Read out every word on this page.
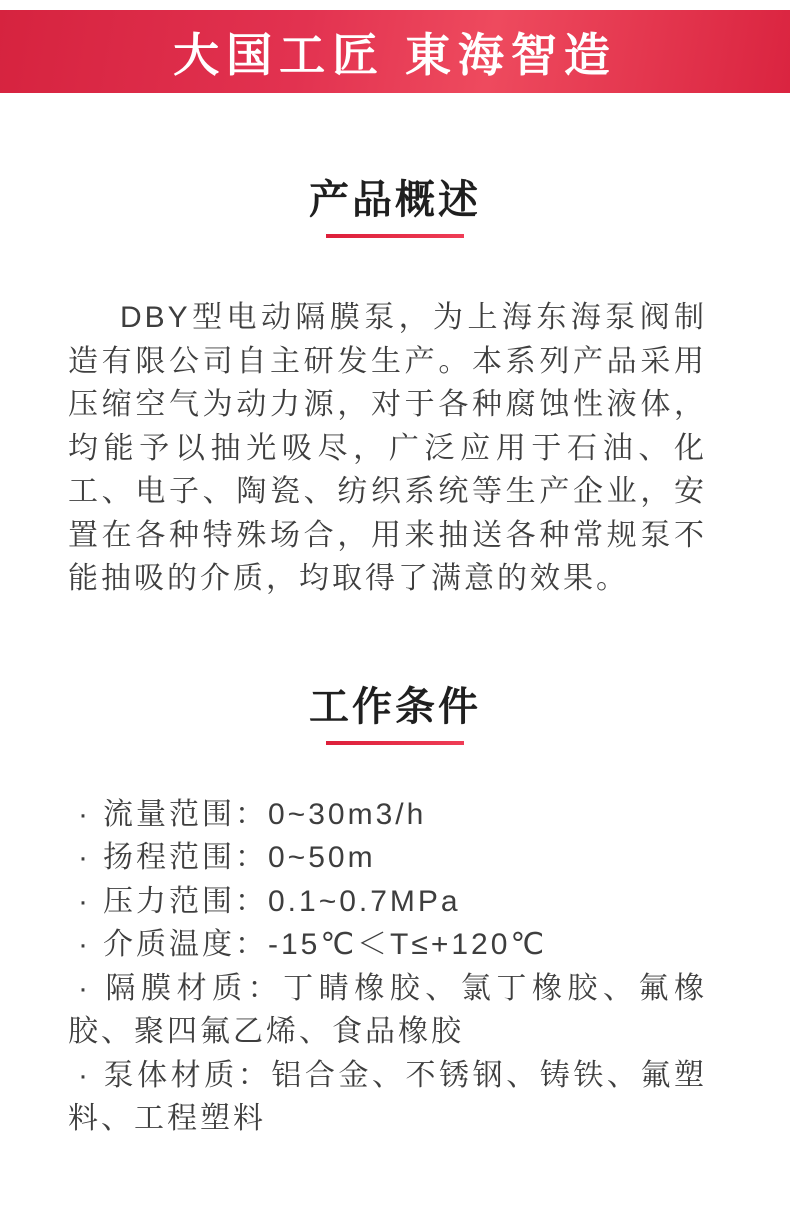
大国工匠 東海智造
产品概述

DBY型电动隔膜泵，为上海东海泵阀制造有限公司自主研发生产。本系列产品采用压缩空气为动力源，对于各种腐蚀性液体，均能予以抽光吸尽，广泛应用于石油、化工、电子、陶瓷、纺织系统等生产企业，安置在各种特殊场合，用来抽送各种常规泵不能抽吸的介质，均取得了满意的效果。

工作条件
· 流量范围：0~30m3/h
· 扬程范围：0~50m
· 压力范围：0.1~0.7MPa
· 介质温度：-15℃＜T≤+120℃
· 隔膜材质：丁睛橡胶、氯丁橡胶、氟橡胶、聚四氟乙烯、食品橡胶
· 泵体材质：铝合金、不锈钢、铸铁、氟塑料、工程塑料
